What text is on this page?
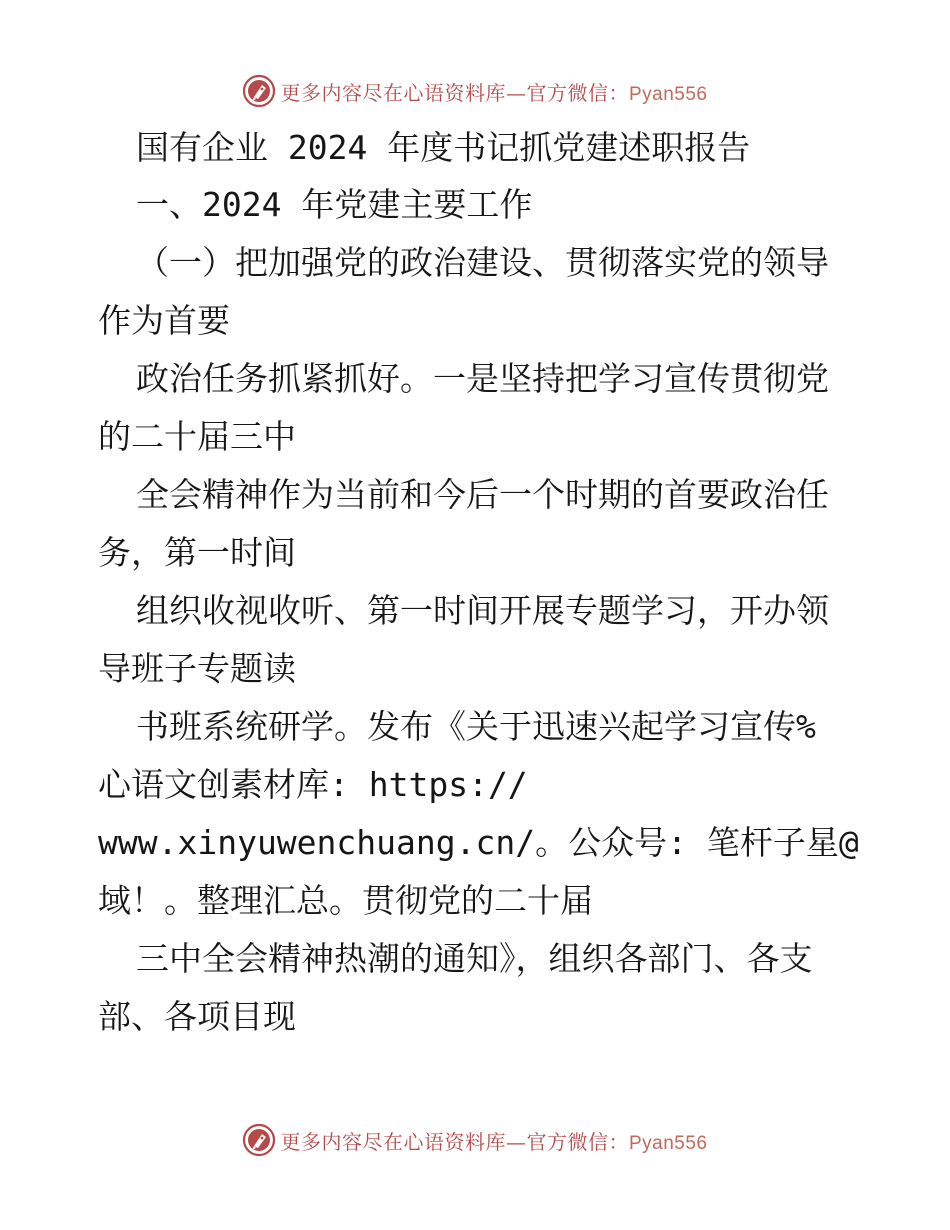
更多内容尽在心语资料库—官方微信：Pyan556
国有企业 2024 年度书记抓党建述职报告
一、2024 年党建主要工作
（一）把加强党的政治建设、贯彻落实党的领导
作为首要
政治任务抓紧抓好。一是坚持把学习宣传贯彻党
的二十届三中
全会精神作为当前和今后一个时期的首要政治任
务，第一时间
组织收视收听、第一时间开展专题学习，开办领
导班子专题读
书班系统研学。发布《关于迅速兴起学习宣传%
心语文创素材库: https://
www.xinyuwenchuang.cn/。公众号: 笔杆子星@
域！。整理汇总。贯彻党的二十届
三中全会精神热潮的通知》，组织各部门、各支
部、各项目现
更多内容尽在心语资料库—官方微信：Pyan556
